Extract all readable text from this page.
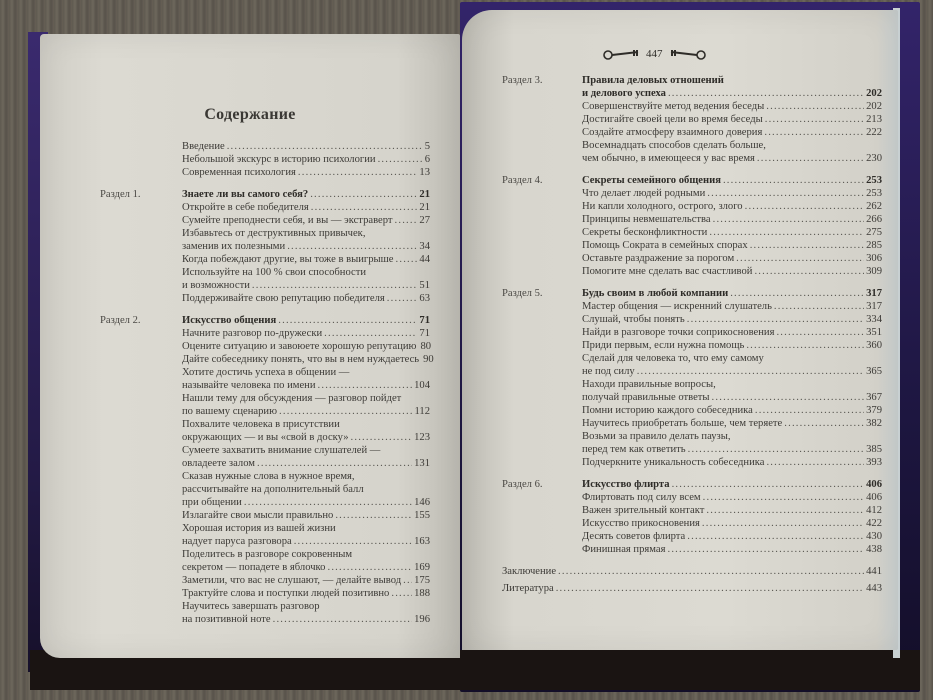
Содержание
Введение .....	5
Небольшой экскурс в историю психологии .....	6
Современная психология .....	13
Раздел 1.	Знаете ли вы самого себя? .....	21
Откройте в себе победителя .....	21
Сумейте преподнести себя, и вы — экстраверт .....	27
Избавьтесь от деструктивных привычек,
заменив их полезными .....	34
Когда побеждают другие, вы тоже в выигрыше ..... 44
Используйте на 100 % свои способности
и возможности .....	51
Поддерживайте свою репутацию победителя .....	63
Раздел 2.	Искусство общения .....	71
Начните разговор по-дружески .....	71
Оцените ситуацию и завоюете хорошую репутацию 80
Дайте собеседнику понять, что вы в нем нуждаетесь 90
Хотите достичь успеха в общении —
называйте человека по имени .....	104
Нашли тему для обсуждения — разговор пойдет
по вашему сценарию .....	112
Похвалите человека в присутствии
окружающих — и вы «свой в доску» .....	123
Сумеете захватить внимание слушателей —
овладеете залом .....	131
Сказав нужные слова в нужное время,
рассчитывайте на дополнительный балл
при общении .....	146
Излагайте свои мысли правильно .....	155
Хорошая история из вашей жизни
надует паруса разговора .....	163
Поделитесь в разговоре сокровенным
секретом — попадете в яблочко .....	169
Заметили, что вас не слушают, — делайте вывод ..... 175
Трактуйте слова и поступки людей позитивно ..... 188
Научитесь завершать разговор
на позитивной ноте .....	196
447
Раздел 3.	Правила деловых отношений
и делового успеха .....	202
Совершенствуйте метод ведения беседы .....	202
Достигайте своей цели во время беседы .....	213
Создайте атмосферу взаимного доверия .....	222
Восемнадцать способов сделать больше,
чем обычно, в имеющееся у вас время .....	230
Раздел 4.	Секреты семейного общения .....	253
Что делает людей родными .....	253
Ни капли холодного, острого, злого .....	262
Принципы невмешательства .....	266
Секреты бесконфликтности .....	275
Помощь Сократа в семейных спорах .....	285
Оставьте раздражение за порогом .....	306
Помогите мне сделать вас счастливой .....	309
Раздел 5.	Будь своим в любой компании .....	317
Мастер общения — искренний слушатель .....	317
Слушай, чтобы понять .....	334
Найди в разговоре точки соприкосновения .....	351
Приди первым, если нужна помощь .....	360
Сделай для человека то, что ему самому
не под силу .....	365
Находи правильные вопросы,
получай правильные ответы .....	367
Помни историю каждого собеседника .....	379
Научитесь приобретать больше, чем теряете .....	382
Возьми за правило делать паузы,
перед тем как ответить .....	385
Подчеркните уникальность собеседника .....	393
Раздел 6.	Искусство флирта .....	406
Флиртовать под силу всем .....	406
Важен зрительный контакт .....	412
Искусство прикосновения .....	422
Десять советов флирта .....	430
Финишная прямая .....	438
Заключение .....	441
Литература .....	443
